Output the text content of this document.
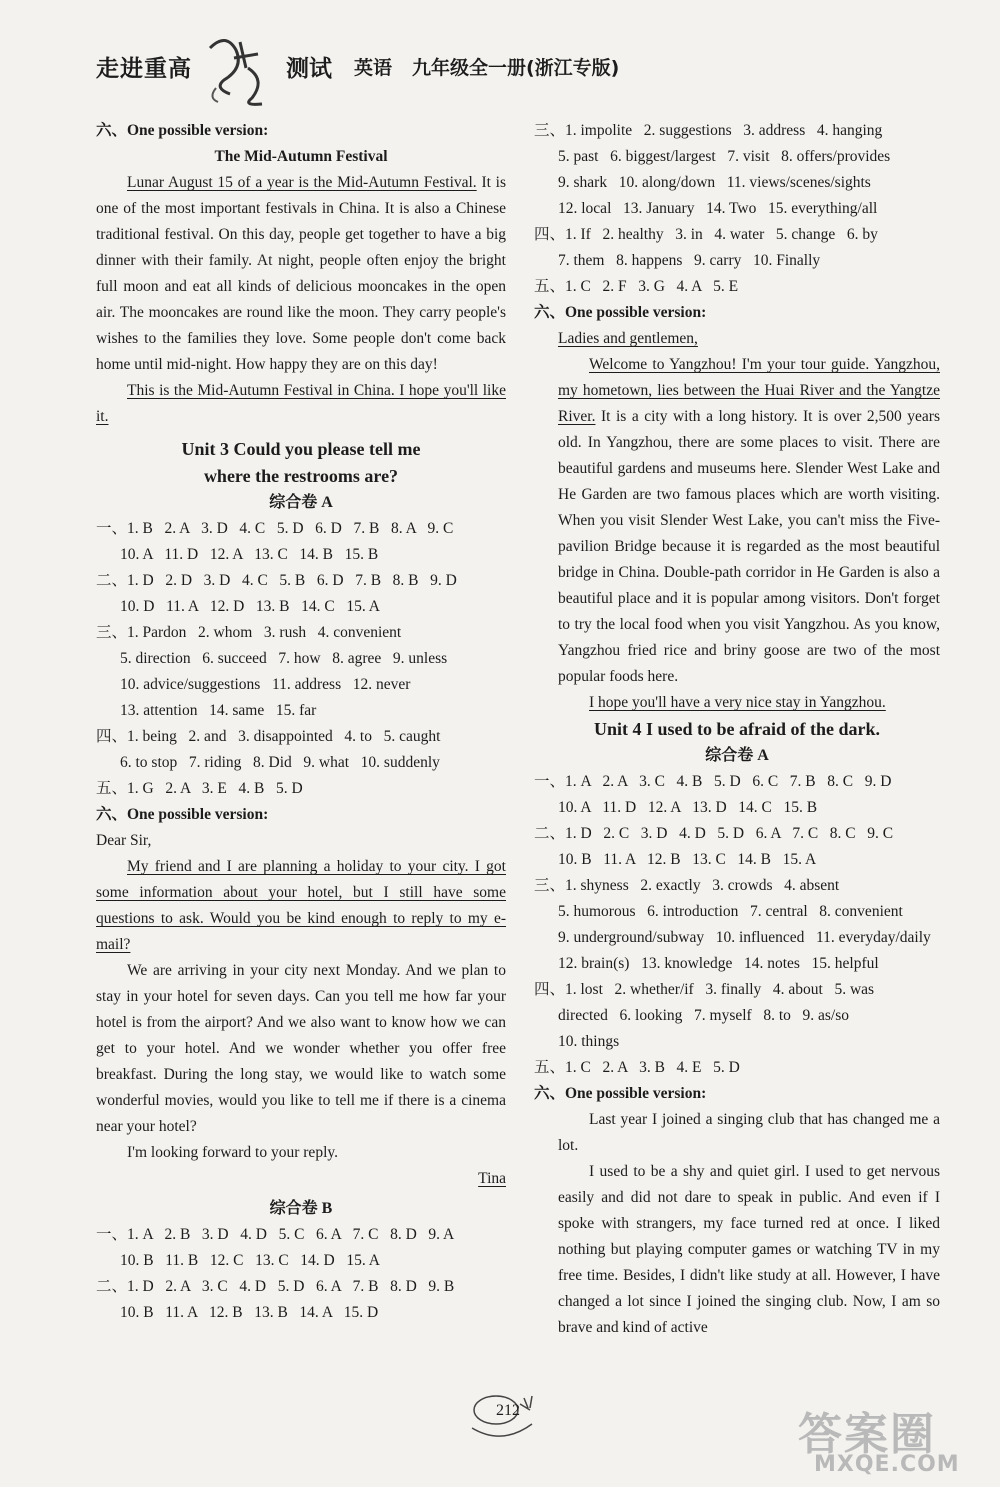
走进重高	测试 英语 九年级全一册(浙江专版)

六、One possible version:

The Mid-Autumn Festival

Lunar August 15 of a year is the Mid-Autumn Festival. It is one of the most important festivals in China. It is also a Chinese traditional festival. On this day, people get together to have a big dinner with their family. At night, people often enjoy the bright full moon and eat all kinds of delicious mooncakes in the open air. The mooncakes are round like the moon. They carry people's wishes to the families they love. Some people don't come back home until mid-night. How happy they are on this day!

This is the Mid-Autumn Festival in China. I hope you'll like it.

Unit 3 Could you please tell me

where the restrooms are?

综合卷 A

一、1. B   2. A   3. D   4. C   5. D   6. D   7. B   8. A   9. C

10. A   11. D   12. A   13. C   14. B   15. B

二、1. D   2. D   3. D   4. C   5. B   6. D   7. B   8. B   9. D

10. D   11. A   12. D   13. B   14. C   15. A

三、1. Pardon   2. whom   3. rush   4. convenient

5. direction   6. succeed   7. how   8. agree   9. unless

10. advice/suggestions   11. address   12. never

13. attention   14. same   15. far

四、1. being   2. and   3. disappointed   4. to   5. caught

6. to stop   7. riding   8. Did   9. what   10. suddenly

五、1. G   2. A   3. E   4. B   5. D

六、One possible version:

Dear Sir,

My friend and I are planning a holiday to your city. I got some information about your hotel, but I still have some questions to ask. Would you be kind enough to reply to my e-mail?

We are arriving in your city next Monday. And we plan to stay in your hotel for seven days. Can you tell me how far your hotel is from the airport? And we also want to know how we can get to your hotel. And we wonder whether you offer free breakfast. During the long stay, we would like to watch some wonderful movies, would you like to tell me if there is a cinema near your hotel?

I'm looking forward to your reply.

Tina

综合卷 B

一、1. A   2. B   3. D   4. D   5. C   6. A   7. C   8. D   9. A

10. B   11. B   12. C   13. C   14. D   15. A

二、1. D   2. A   3. C   4. D   5. D   6. A   7. B   8. D   9. B

10. B   11. A   12. B   13. B   14. A   15. D

三、1. impolite   2. suggestions   3. address   4. hanging

5. past   6. biggest/largest   7. visit   8. offers/provides

9. shark   10. along/down   11. views/scenes/sights

12. local   13. January   14. Two   15. everything/all

四、1. If   2. healthy   3. in   4. water   5. change   6. by

7. them   8. happens   9. carry   10. Finally

五、1. C   2. F   3. G   4. A   5. E

六、One possible version:

Ladies and gentlemen,

Welcome to Yangzhou! I'm your tour guide. Yangzhou, my hometown, lies between the Huai River and the Yangtze River. It is a city with a long history. It is over 2,500 years old. In Yangzhou, there are some places to visit. There are beautiful gardens and museums here. Slender West Lake and He Garden are two famous places which are worth visiting. When you visit Slender West Lake, you can't miss the Five-pavilion Bridge because it is regarded as the most beautiful bridge in China. Double-path corridor in He Garden is also a beautiful place and it is popular among visitors. Don't forget to try the local food when you visit Yangzhou. As you know, Yangzhou fried rice and briny goose are two of the most popular foods here.

I hope you'll have a very nice stay in Yangzhou.

Unit 4 I used to be afraid of the dark.

综合卷 A

一、1. A   2. A   3. C   4. B   5. D   6. C   7. B   8. C   9. D

10. A   11. D   12. A   13. D   14. C   15. B

二、1. D   2. C   3. D   4. D   5. D   6. A   7. C   8. C   9. C

10. B   11. A   12. B   13. C   14. B   15. A

三、1. shyness   2. exactly   3. crowds   4. absent

5. humorous   6. introduction   7. central   8. convenient

9. underground/subway   10. influenced   11. everyday/daily

12. brain(s)   13. knowledge   14. notes   15. helpful

四、1. lost   2. whether/if   3. finally   4. about   5. was

directed   6. looking   7. myself   8. to   9. as/so

10. things

五、1. C   2. A   3. B   4. E   5. D

六、One possible version:

Last year I joined a singing club that has changed me a lot.

I used to be a shy and quiet girl. I used to get nervous easily and did not dare to speak in public. And even if I spoke with strangers, my face turned red at once. I liked nothing but playing computer games or watching TV in my free time. Besides, I didn't like study at all. However, I have changed a lot since I joined the singing club. Now, I am so brave and kind of active

212	答案圈
MXQE.COM
